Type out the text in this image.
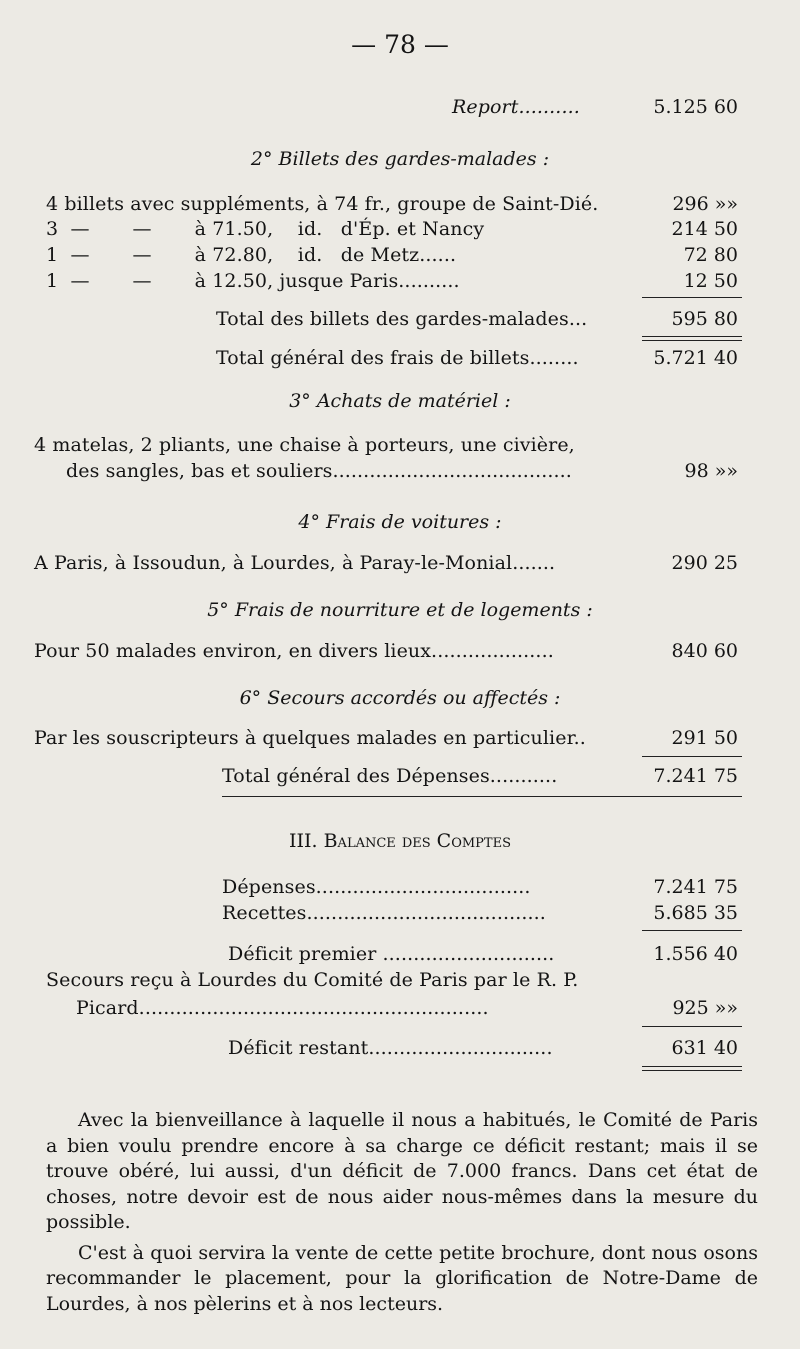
— 78 —
Report..........	5.125 60
2° Billets des gardes-malades :
4 billets avec suppléments, à 74 fr., groupe de Saint-Dié.	296 »»
3  —       —       à 71.50,    id.   d'Ép. et Nancy	214 50
1  —       —       à 72.80,    id.   de Metz......	72 80
1  —       —       à 12.50, jusque Paris..........	12 50
Total des billets des gardes-malades...	595 80
Total général des frais de billets........	5.721 40
3° Achats de matériel :
4 matelas, 2 pliants, une chaise à porteurs, une civière,
des sangles, bas et souliers.......................................	98 »»
4° Frais de voitures :
A Paris, à Issoudun, à Lourdes, à Paray-le-Monial.......	290 25
5° Frais de nourriture et de logements :
Pour 50 malades environ, en divers lieux....................	840 60
6° Secours accordés ou affectés :
Par les souscripteurs à quelques malades en particulier..	291 50
Total général des Dépenses...........	7.241 75
III. Balance des Comptes
Dépenses...................................	7.241 75
Recettes.......................................	5.685 35
Déficit premier ............................	1.556 40
Secours reçu à Lourdes du Comité de Paris par le R. P.
Picard.........................................................	925 »»
Déficit restant..............................	631 40

Avec la bienveillance à laquelle il nous a habitués, le Comité de Paris a bien voulu prendre encore à sa charge ce déficit restant; mais il se trouve obéré, lui aussi, d'un déficit de 7.000 francs. Dans cet état de choses, notre devoir est de nous aider nous-mêmes dans la mesure du possible.

C'est à quoi servira la vente de cette petite brochure, dont nous osons recommander le placement, pour la glorification de Notre-Dame de Lourdes, à nos pèlerins et à nos lecteurs.
